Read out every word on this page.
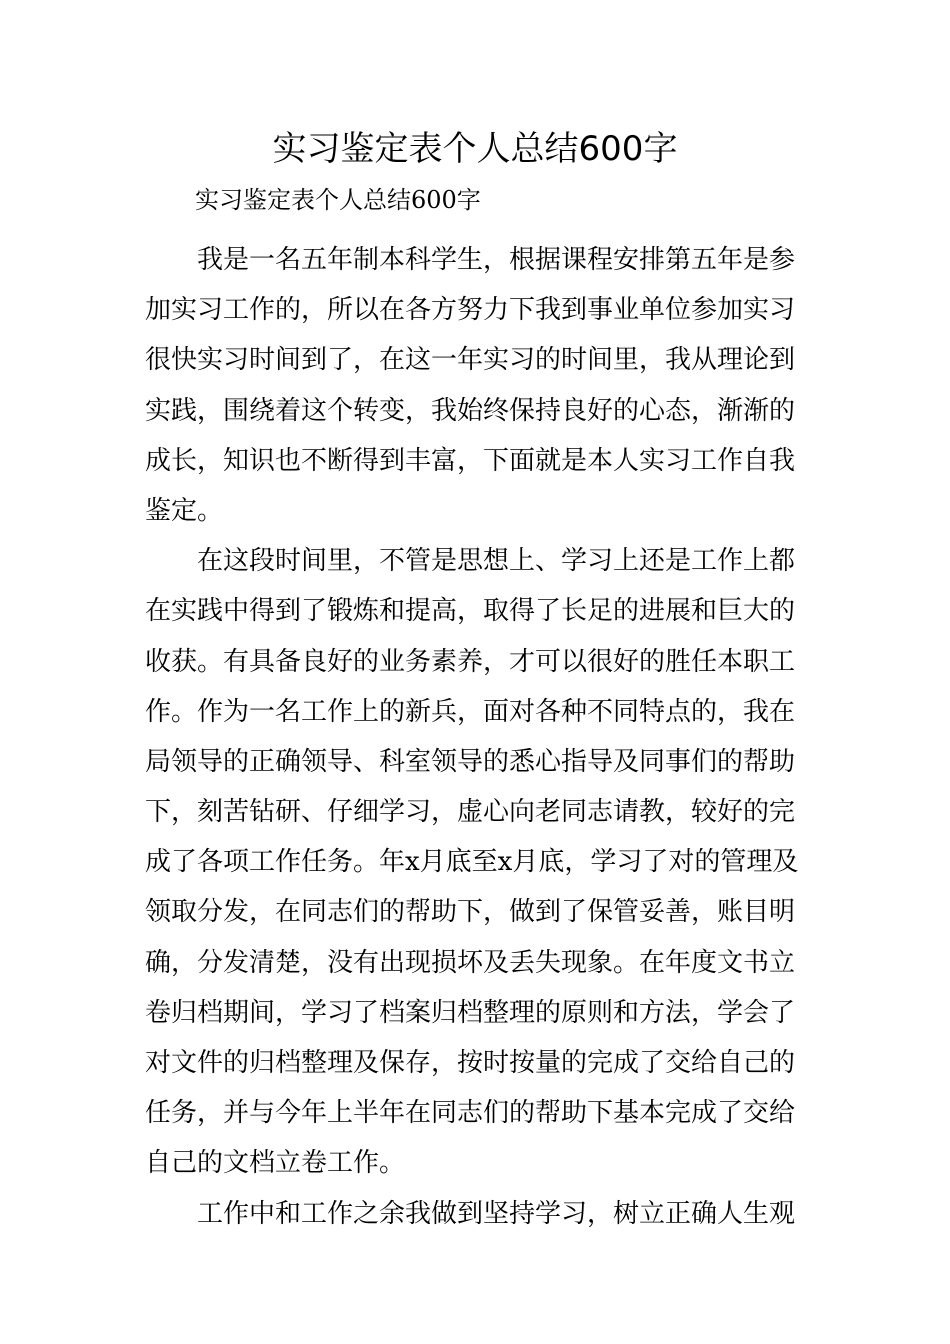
实习鉴定表个人总结600字
实习鉴定表个人总结600字
我是一名五年制本科学生，根据课程安排第五年是参
加实习工作的，所以在各方努力下我到事业单位参加实习
很快实习时间到了，在这一年实习的时间里，我从理论到
实践，围绕着这个转变，我始终保持良好的心态，渐渐的
成长，知识也不断得到丰富，下面就是本人实习工作自我
鉴定。
在这段时间里，不管是思想上、学习上还是工作上都
在实践中得到了锻炼和提高，取得了长足的进展和巨大的
收获。有具备良好的业务素养，才可以很好的胜任本职工
作。作为一名工作上的新兵，面对各种不同特点的，我在
局领导的正确领导、科室领导的悉心指导及同事们的帮助
下，刻苦钻研、仔细学习，虚心向老同志请教，较好的完
成了各项工作任务。年x月底至x月底，学习了对的管理及
领取分发，在同志们的帮助下，做到了保管妥善，账目明
确，分发清楚，没有出现损坏及丢失现象。在年度文书立
卷归档期间，学习了档案归档整理的原则和方法，学会了
对文件的归档整理及保存，按时按量的完成了交给自己的
任务，并与今年上半年在同志们的帮助下基本完成了交给
自己的文档立卷工作。
工作中和工作之余我做到坚持学习，树立正确人生观
